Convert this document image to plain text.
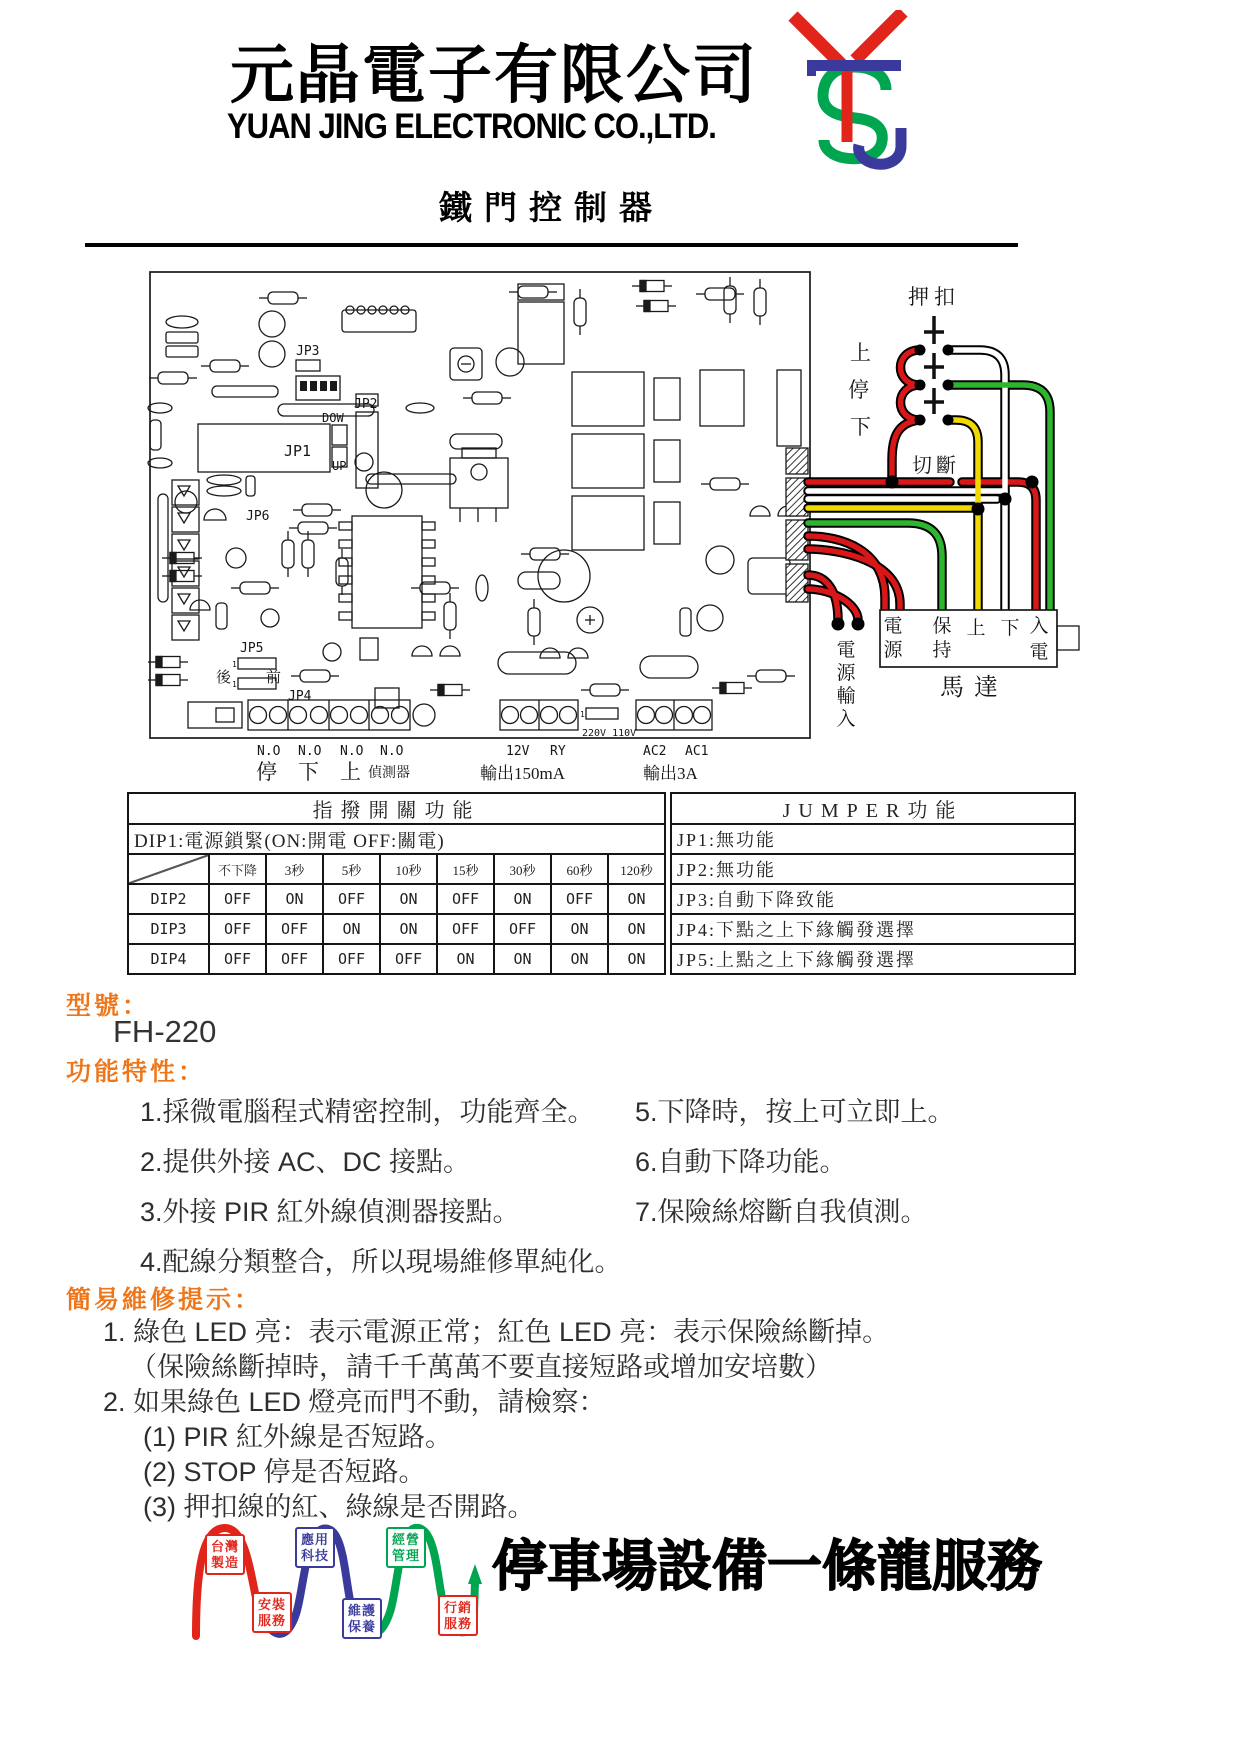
元晶電子有限公司
YUAN JING ELECTRONIC CO.,LTD.
鐵門控制器
JP3
JP1
DOW
UP
JP2
JP6
JP5
1
1
後 前
JP4
1
220V 110V
N.O N.O N.O N.O
停 下 上 偵測器
12V RY
輸出150mA
AC2 AC1
輸出3A
押扣
上
停
下
切斷
電
源
保
持
上 下 入
電
馬達
電
源
輸
入
指撥開關功能								
DIP1:電源鎖緊(ON:開電 OFF:關電)								
	不下降	3秒	5秒	10秒	15秒	30秒	60秒	120秒
DIP2	OFF	ON	OFF	ON	OFF	ON	OFF	ON
DIP3	OFF	OFF	ON	ON	OFF	OFF	ON	ON
DIP4	OFF	OFF	OFF	OFF	ON	ON	ON	ON
JUMPER功能
JP1:無功能
JP2:無功能
JP3:自動下降致能
JP4:下點之上下緣觸發選擇
JP5:上點之上下緣觸發選擇
型號：
FH-220
功能特性：
1.採微電腦程式精密控制，功能齊全。
2.提供外接 AC、DC 接點。
3.外接 PIR 紅外線偵測器接點。
4.配線分類整合，所以現場維修單純化。
5.下降時，按上可立即上。
6.自動下降功能。
7.保險絲熔斷自我偵測。
簡易維修提示：
1. 綠色 LED 亮：表示電源正常；紅色 LED 亮：表示保險絲斷掉。
（保險絲斷掉時，請千千萬萬不要直接短路或增加安培數）
2. 如果綠色 LED 燈亮而門不動，請檢察：
(1) PIR 紅外線是否短路。
(2) STOP 停是否短路。
(3) 押扣線的紅、綠線是否開路。
台灣製造
應用科技
經營管理
安裝服務
維護保養
行銷服務
停車場設備一條龍服務
